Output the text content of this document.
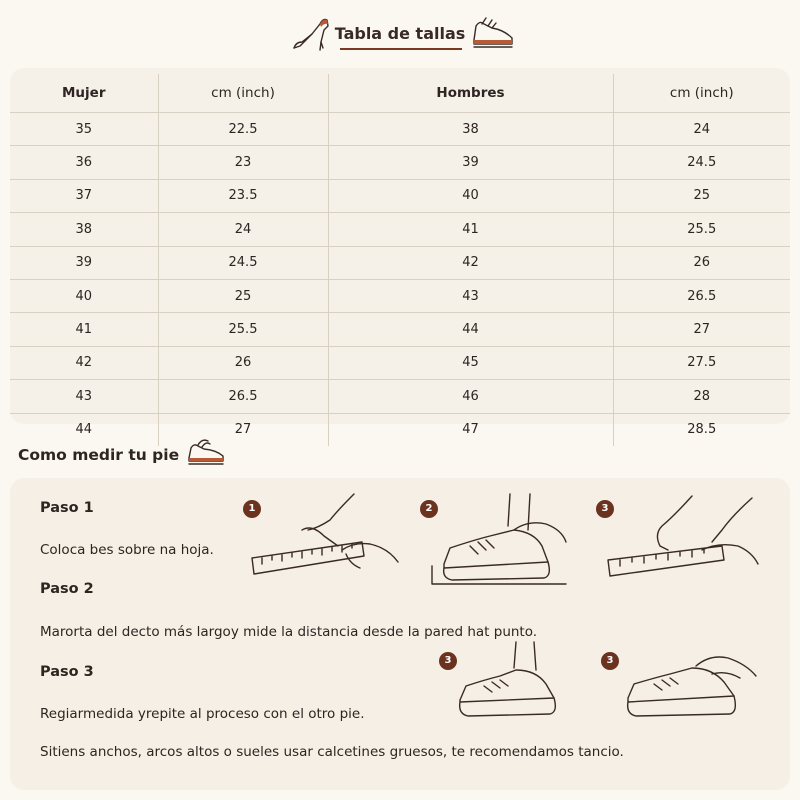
Tabla de tallas
Mujer	cm (inch)	Hombres	cm (inch)
35	22.5	38	24
36	23	39	24.5
37	23.5	40	25
38	24	41	25.5
39	24.5	42	26
40	25	43	26.5
41	25.5	44	27
42	26	45	27.5
43	26.5	46	28
44	27	47	28.5
Como medir tu pie
Paso 1
Coloca bes sobre na hoja.
Paso 2
Marorta del decto más largoy mide la distancia desde la pared hat punto.
Paso 3
Regiarmedida yrepite al proceso con el otro pie.
Sitiens anchos, arcos altos o sueles usar calcetines gruesos, te recomendamos tancio.
1	2	3
3	3
